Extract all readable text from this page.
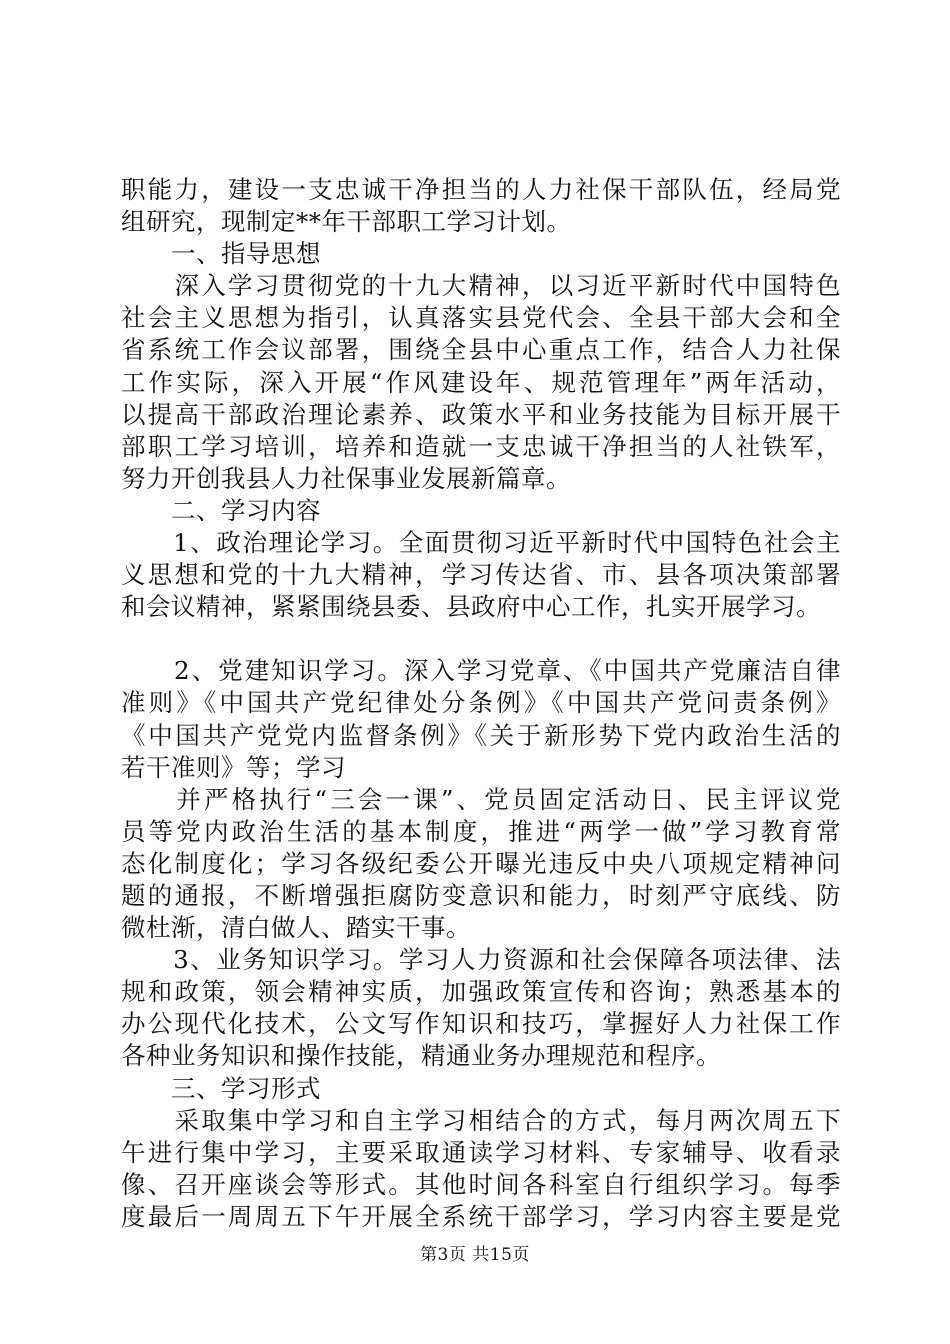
职能力，建设一支忠诚干净担当的人力社保干部队伍，经局党
组研究，现制定**年干部职工学习计划。
　　一、指导思想
　　深入学习贯彻党的十九大精神，以习近平新时代中国特色
社会主义思想为指引，认真落实县党代会、全县干部大会和全
省系统工作会议部署，围绕全县中心重点工作，结合人力社保
工作实际，深入开展“作风建设年、规范管理年”两年活动，
以提高干部政治理论素养、政策水平和业务技能为目标开展干
部职工学习培训，培养和造就一支忠诚干净担当的人社铁军，
努力开创我县人力社保事业发展新篇章。
　　二、学习内容
　　1、政治理论学习。全面贯彻习近平新时代中国特色社会主
义思想和党的十九大精神，学习传达省、市、县各项决策部署
和会议精神，紧紧围绕县委、县政府中心工作，扎实开展学习。
　　2、党建知识学习。深入学习党章、《中国共产党廉洁自律
准则》《中国共产党纪律处分条例》《中国共产党问责条例》
《中国共产党党内监督条例》《关于新形势下党内政治生活的
若干准则》等；学习
　　并严格执行“三会一课”、党员固定活动日、民主评议党
员等党内政治生活的基本制度，推进“两学一做”学习教育常
态化制度化；学习各级纪委公开曝光违反中央八项规定精神问
题的通报，不断增强拒腐防变意识和能力，时刻严守底线、防
微杜渐，清白做人、踏实干事。
　　3、业务知识学习。学习人力资源和社会保障各项法律、法
规和政策，领会精神实质，加强政策宣传和咨询；熟悉基本的
办公现代化技术，公文写作知识和技巧，掌握好人力社保工作
各种业务知识和操作技能，精通业务办理规范和程序。
　　三、学习形式
　　采取集中学习和自主学习相结合的方式，每月两次周五下
午进行集中学习，主要采取通读学习材料、专家辅导、收看录
像、召开座谈会等形式。其他时间各科室自行组织学习。每季
度最后一周周五下午开展全系统干部学习，学习内容主要是党
第3页 共15页
